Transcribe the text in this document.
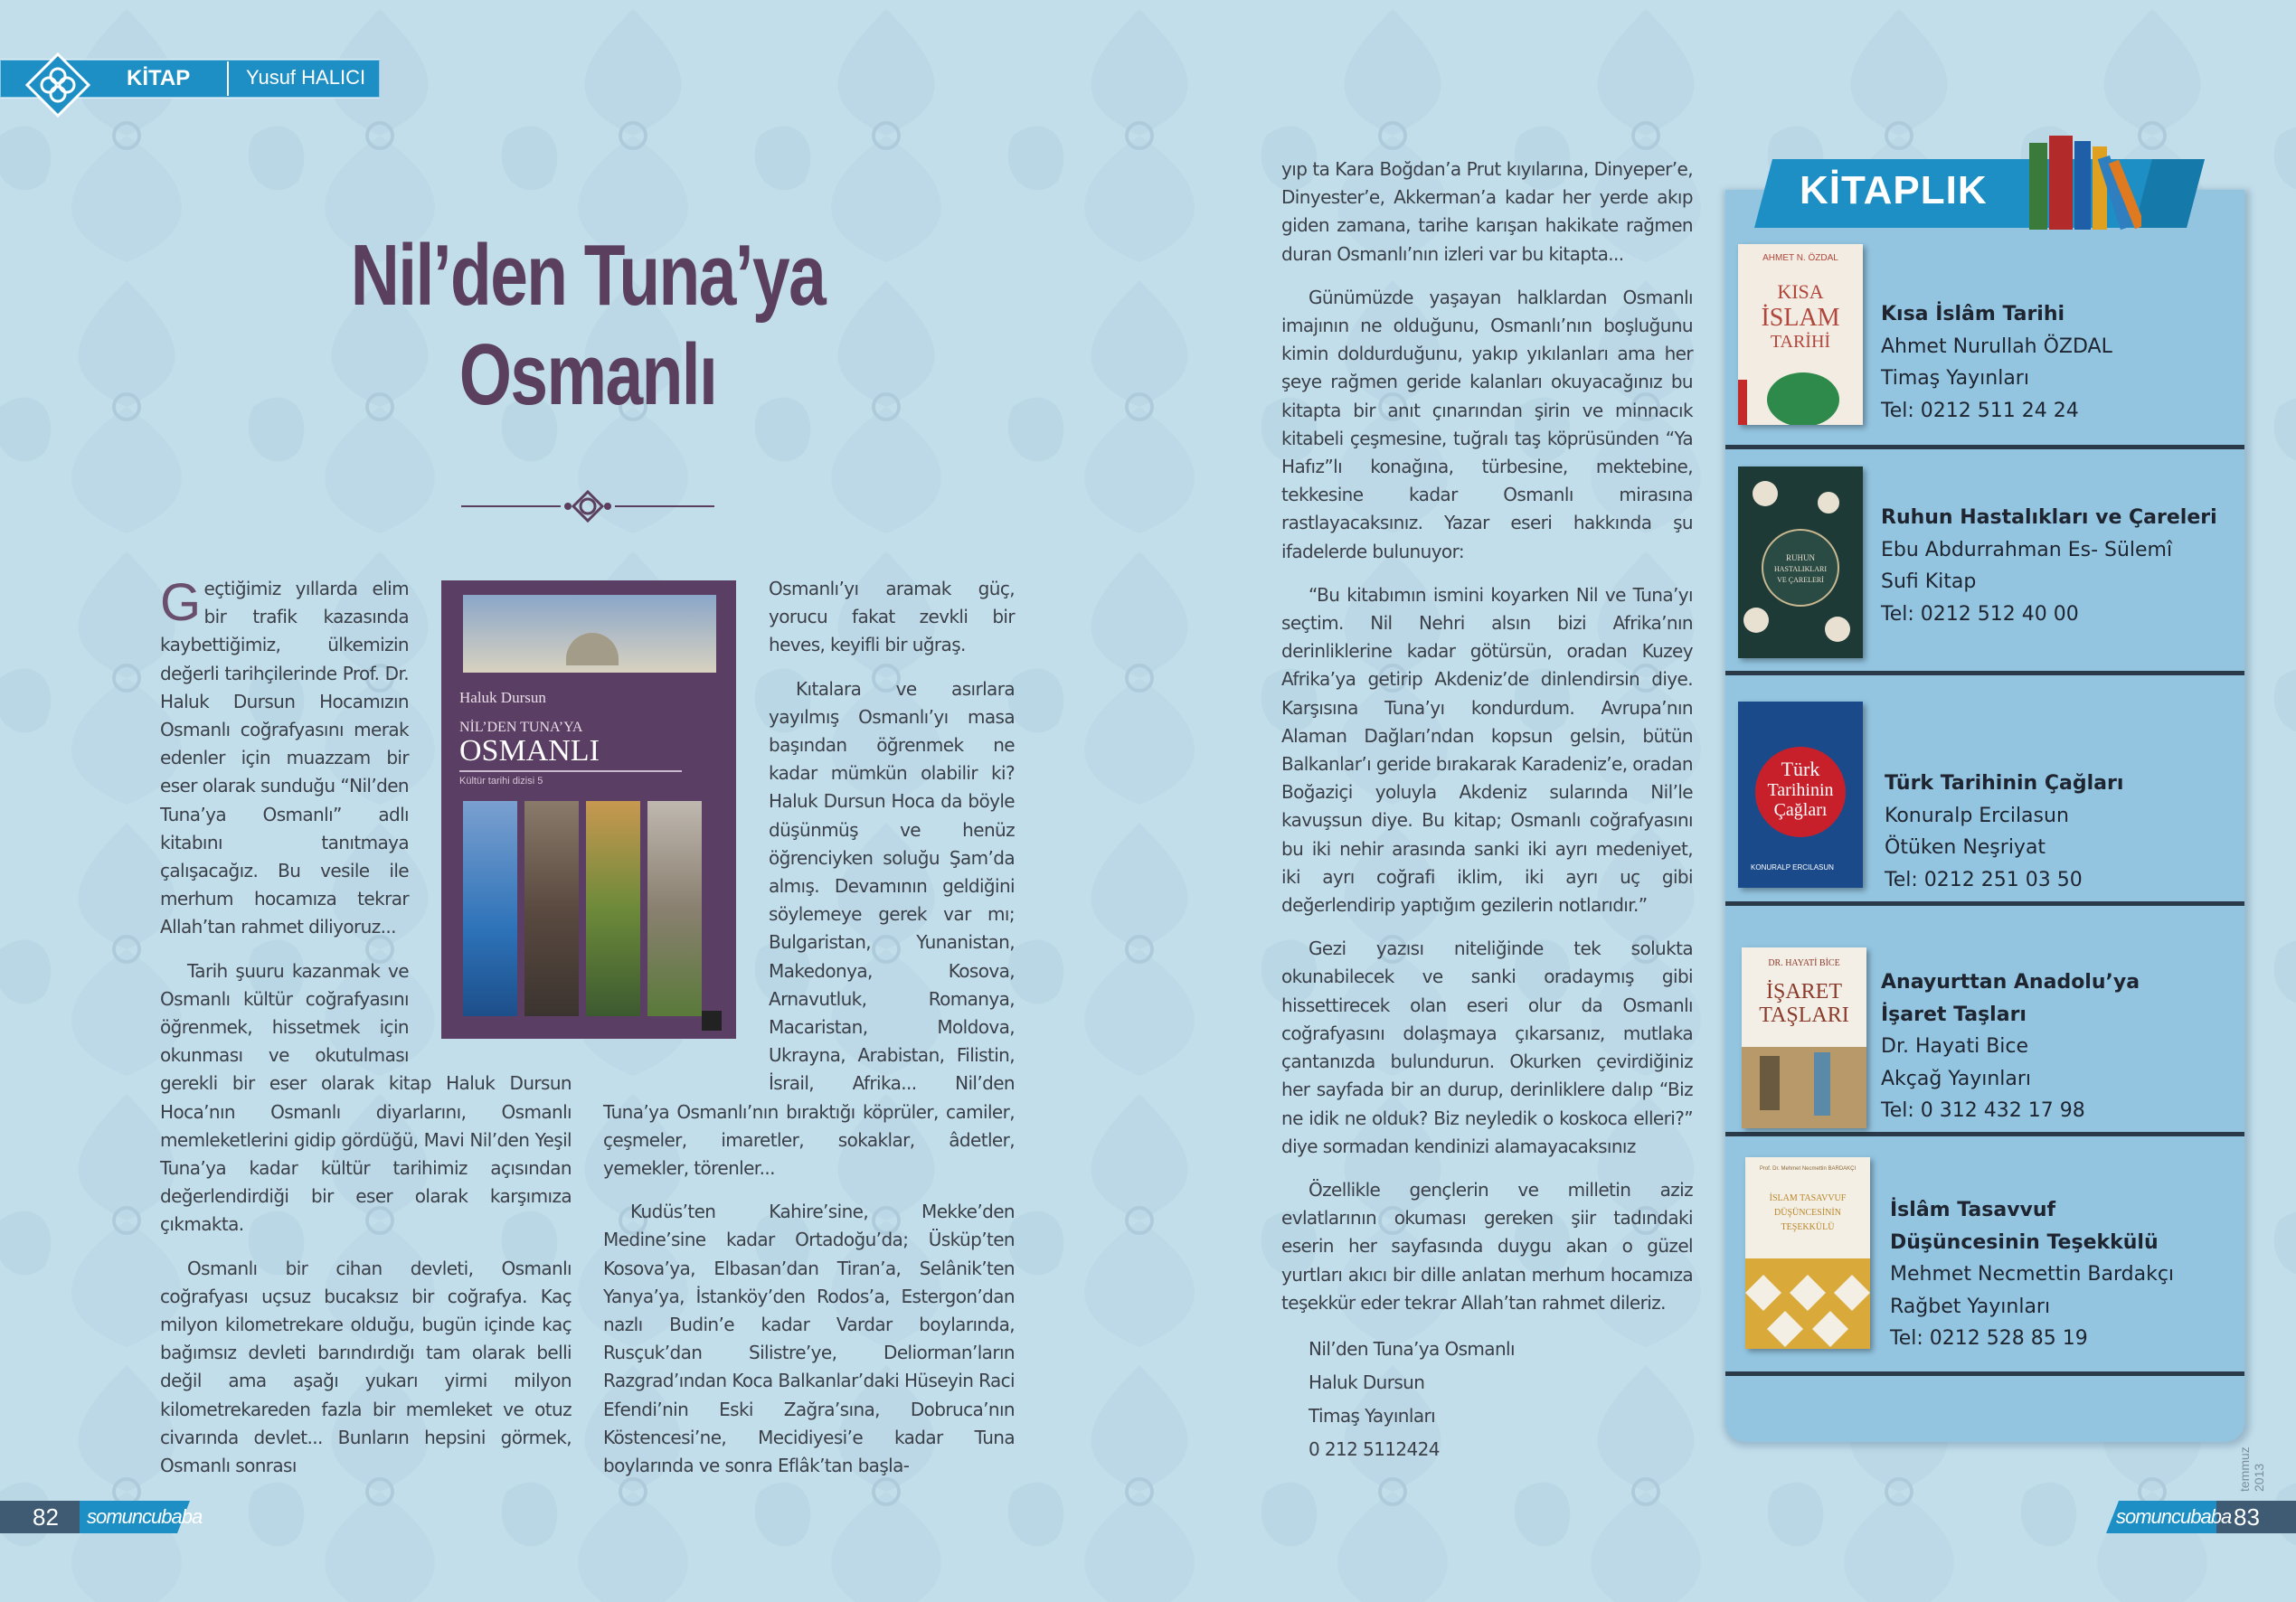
KİTAP	Yusuf HALICI
Nil’den Tuna’ya
Osmanlı

Geçtiğimiz yıllarda elim bir trafik kazasında kaybettiğimiz, ülkemizin değerli tarihçilerinde Prof. Dr. Haluk Dursun Hocamızın Osmanlı coğrafyasını merak edenler için muazzam bir eser olarak sunduğu “Nil’den Tuna’ya Osmanlı” adlı kitabını tanıtmaya çalışacağız. Bu vesile ile merhum hocamıza tekrar Allah’tan rahmet diliyoruz...

Tarih şuuru kazanmak ve Osmanlı kültür coğrafyasını öğrenmek, hissetmek için okunması ve okutulması gerekli bir eser olarak kitap Haluk Dursun Hoca’nın Osmanlı diyarlarını, Osmanlı memleketlerini gidip gördüğü, Mavi Nil’den Yeşil Tuna’ya kadar kültür tarihimiz açısından değerlendirdiği bir eser olarak karşımıza çıkmakta.

Osmanlı bir cihan devleti, Osmanlı coğrafyası uçsuz bucaksız bir coğrafya. Kaç milyon kilometrekare olduğu, bugün içinde kaç bağımsız devleti barındırdığı tam olarak belli değil ama aşağı yukarı yirmi milyon kilometrekareden fazla bir memleket ve otuz civarında devlet... Bunların hepsini görmek, Osmanlı sonrası

Haluk Dursun
NİL’DEN TUNA’YA
OSMANLI
Kültür tarihi dizisi 5

Osmanlı’yı aramak güç, yorucu fakat zevkli bir heves, keyifli bir uğraş.

Kıtalara ve asırlara yayılmış Osmanlı’yı masa başından öğrenmek ne kadar mümkün olabilir ki? Haluk Dursun Hoca da böyle düşünmüş ve henüz öğrenciyken soluğu Şam’da almış. Devamının geldiğini söylemeye gerek var mı; Bulgaristan, Yunanistan, Makedonya, Kosova, Arnavutluk, Romanya, Macaristan, Moldova, Ukrayna, Arabistan, Filistin, İsrail, Afrika... Nil’den Tuna’ya Osmanlı’nın bıraktığı köprüler, camiler, çeşmeler, imaretler, sokaklar, âdetler, yemekler, törenler...

Kudüs’ten Kahire’sine, Mekke’den Medine’sine kadar Ortadoğu’da; Üsküp’ten Kosova’ya, Elbasan’dan Tiran’a, Selânik’ten Yanya’ya, İstanköy’den Rodos’a, Estergon’dan nazlı Budin’e kadar Vardar boylarında, Rusçuk’dan Silistre’ye, Deliorman’ların Razgrad’ından Koca Balkanlar’daki Hüseyin Raci Efendi’nin Eski Zağra’sına, Dobruca’nın Köstencesi’ne, Mecidiyesi’e kadar Tuna boylarında ve sonra Eflâk’tan başla-

yıp ta Kara Boğdan’a Prut kıyılarına, Dinyeper’e, Dinyester’e, Akkerman’a kadar her yerde akıp giden zamana, tarihe karışan hakikate rağmen duran Osmanlı’nın izleri var bu kitapta...

Günümüzde yaşayan halklardan Osmanlı imajının ne olduğunu, Osmanlı’nın boşluğunu kimin doldurduğunu, yakıp yıkılanları ama her şeye rağmen geride kalanları okuyacağınız bu kitapta bir anıt çınarından şirin ve minnacık kitabeli çeşmesine, tuğralı taş köprüsünden “Ya Hafız”lı konağına, türbesine, mektebine, tekkesine kadar Osmanlı mirasına rastlayacaksınız. Yazar eseri hakkında şu ifadelerde bulunuyor:

“Bu kitabımın ismini koyarken Nil ve Tuna’yı seçtim. Nil Nehri alsın bizi Afrika’nın derinliklerine kadar götürsün, oradan Kuzey Afrika’ya getirip Akdeniz’de dinlendirsin diye. Karşısına Tuna’yı kondurdum. Avrupa’nın Alaman Dağları’ndan kopsun gelsin, bütün Balkanlar’ı geride bırakarak Karadeniz’e, oradan Boğaziçi yoluyla Akdeniz sularında Nil’le kavuşsun diye. Bu kitap; Osmanlı coğrafyasını bu iki nehir arasında sanki iki ayrı medeniyet, iki ayrı coğrafi iklim, iki ayrı uç gibi değerlendirip yaptığım gezilerin notlarıdır.”

Gezi yazısı niteliğinde tek solukta okunabilecek ve sanki oradaymış gibi hissettirecek olan eseri olur da Osmanlı coğrafyasını dolaşmaya çıkarsanız, mutlaka çantanızda bulundurun. Okurken çevirdiğiniz her sayfada bir an durup, derinliklere dalıp “Biz ne idik ne olduk? Biz neyledik o koskoca elleri?” diye sormadan kendinizi alamayacaksınız

Özellikle gençlerin ve milletin aziz evlatlarının okuması gereken şiir tadındaki eserin her sayfasında duygu akan o güzel yurtları akıcı bir dille anlatan merhum hocamıza teşekkür eder tekrar Allah’tan rahmet dileriz.

Nil’den Tuna’ya Osmanlı
Haluk Dursun
Timaş Yayınları
0 212 5112424
KİTAPLIK
AHMET N. ÖZDAL
KISA
İSLAM
TARİHİ
Kısa İslâm Tarihi
Ahmet Nurullah ÖZDAL
Timaş Yayınları
Tel: 0212 511 24 24
RUHUN
HASTALIKLARI
VE ÇARELERİ
Ruhun Hastalıkları ve Çareleri
Ebu Abdurrahman Es- Sülemî
Sufi Kitap
Tel: 0212 512 40 00
Türk
Tarihinin
Çağları
KONURALP ERCILASUN
Türk Tarihinin Çağları
Konuralp Ercilasun
Ötüken Neşriyat
Tel: 0212 251 03 50
DR. HAYATİ BİCE
İŞARET
TAŞLARI
Anayurttan Anadolu’ya
İşaret Taşları
Dr. Hayati Bice
Akçağ Yayınları
Tel: 0 312 432 17 98
Prof. Dr. Mehmet Necmettin BARDAKÇI
İSLAM TASAVVUF
DÜŞÜNCESİNİN
TEŞEKKÜLÜ
İslâm Tasavvuf
Düşüncesinin Teşekkülü
Mehmet Necmettin Bardakçı
Rağbet Yayınları
Tel: 0212 528 85 19
82 somuncubaba	somuncubaba 83
temmuz 2013
